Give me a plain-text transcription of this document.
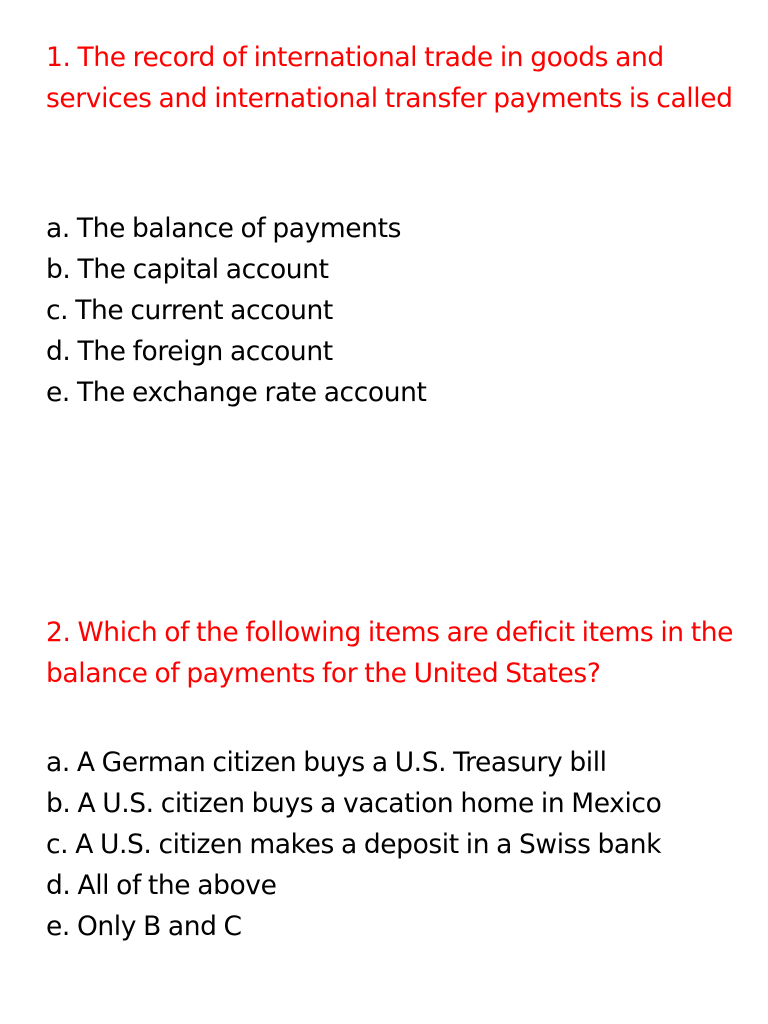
1. The record of international trade in goods and services and international transfer payments is called

a. The balance of payments
b. The capital account
c. The current account
d. The foreign account
e. The exchange rate account

2. Which of the following items are deficit items in the balance of payments for the United States?

a. A German citizen buys a U.S. Treasury bill
b. A U.S. citizen buys a vacation home in Mexico
c. A U.S. citizen makes a deposit in a Swiss bank
d. All of the above
e. Only B and C
